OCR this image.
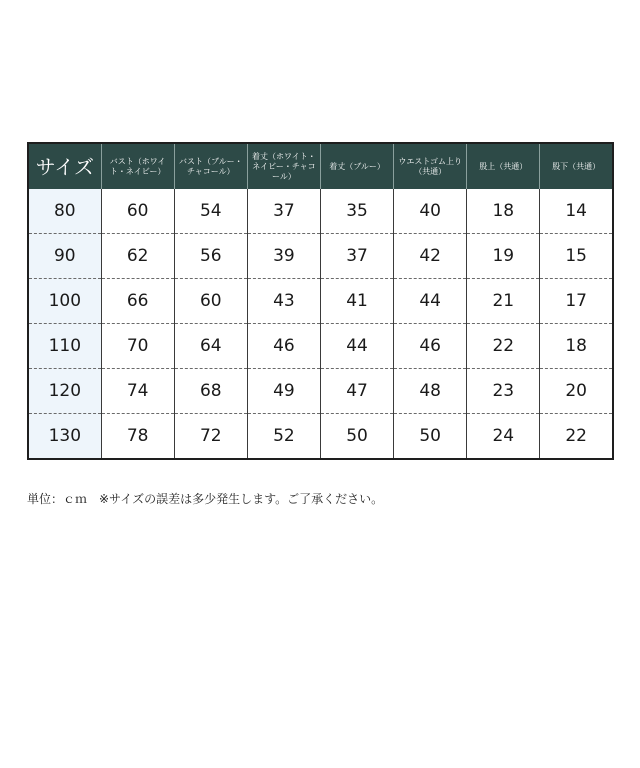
サイズ	バスト（ホワイト・ネイビー）	バスト（ブルー・チャコール）	着丈（ホワイト・ネイビー・チャコール）	着丈（ブルー）	ウエストゴム上り（共通）	股上（共通）	股下（共通）
80	60	54	37	35	40	18	14
90	62	56	39	37	42	19	15
100	66	60	43	41	44	21	17
110	70	64	46	44	46	22	18
120	74	68	49	47	48	23	20
130	78	72	52	50	50	24	22
単位：ｃｍ　※サイズの誤差は多少発生します。ご了承ください。
